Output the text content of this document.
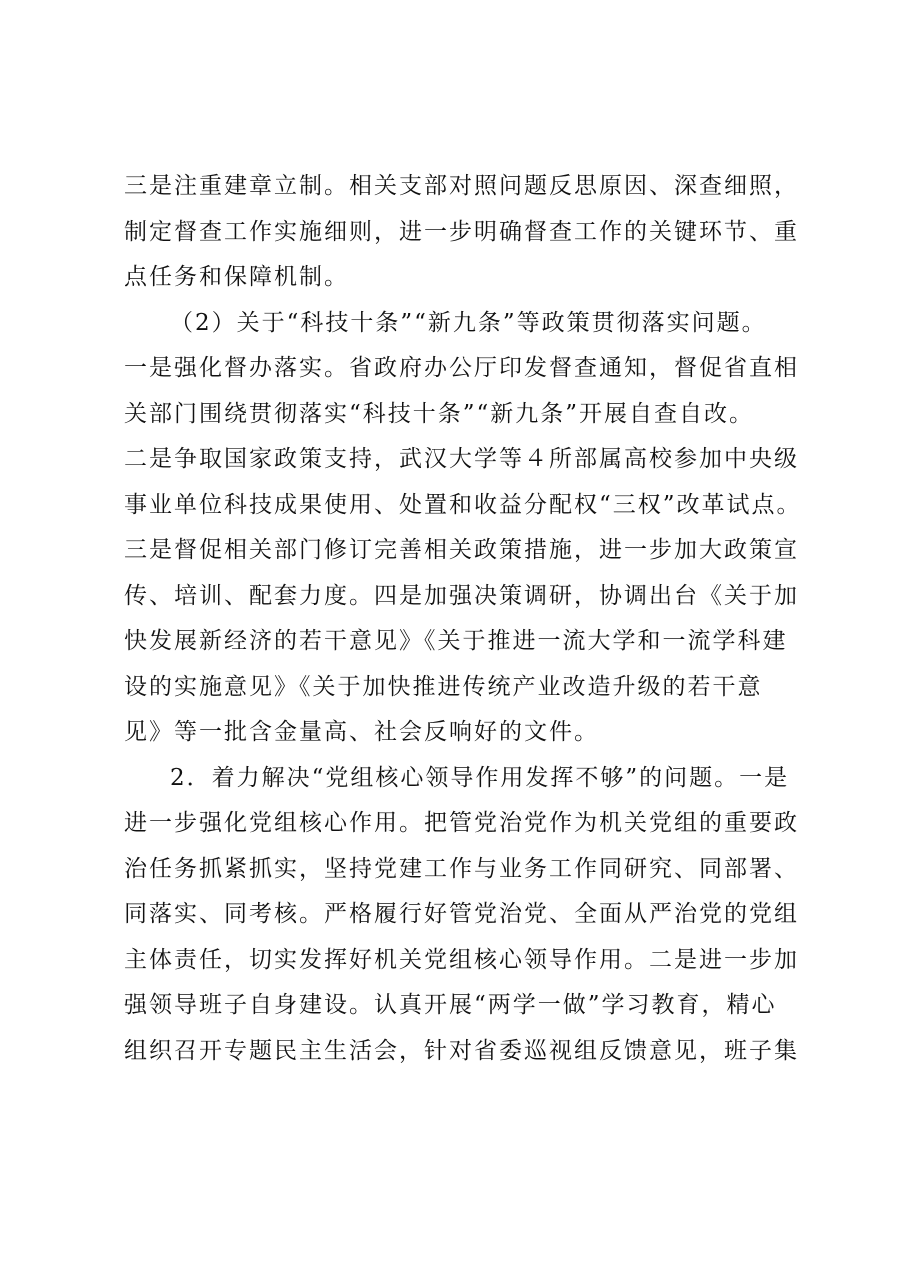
三是注重建章立制。相关支部对照问题反思原因、深查细照，
制定督查工作实施细则，进一步明确督查工作的关键环节、重
点任务和保障机制。
（2）关于“科技十条”“新九条”等政策贯彻落实问题。
一是强化督办落实。省政府办公厅印发督查通知，督促省直相
关部门围绕贯彻落实“科技十条”“新九条”开展自查自改。
二是争取国家政策支持，武汉大学等４所部属高校参加中央级
事业单位科技成果使用、处置和收益分配权“三权”改革试点。
三是督促相关部门修订完善相关政策措施，进一步加大政策宣
传、培训、配套力度。四是加强决策调研，协调出台《关于加
快发展新经济的若干意见》《关于推进一流大学和一流学科建
设的实施意见》《关于加快推进传统产业改造升级的若干意
见》等一批含金量高、社会反响好的文件。
2．着力解决“党组核心领导作用发挥不够”的问题。一是
进一步强化党组核心作用。把管党治党作为机关党组的重要政
治任务抓紧抓实，坚持党建工作与业务工作同研究、同部署、
同落实、同考核。严格履行好管党治党、全面从严治党的党组
主体责任，切实发挥好机关党组核心领导作用。二是进一步加
强领导班子自身建设。认真开展“两学一做”学习教育，精心
组织召开专题民主生活会，针对省委巡视组反馈意见，班子集
